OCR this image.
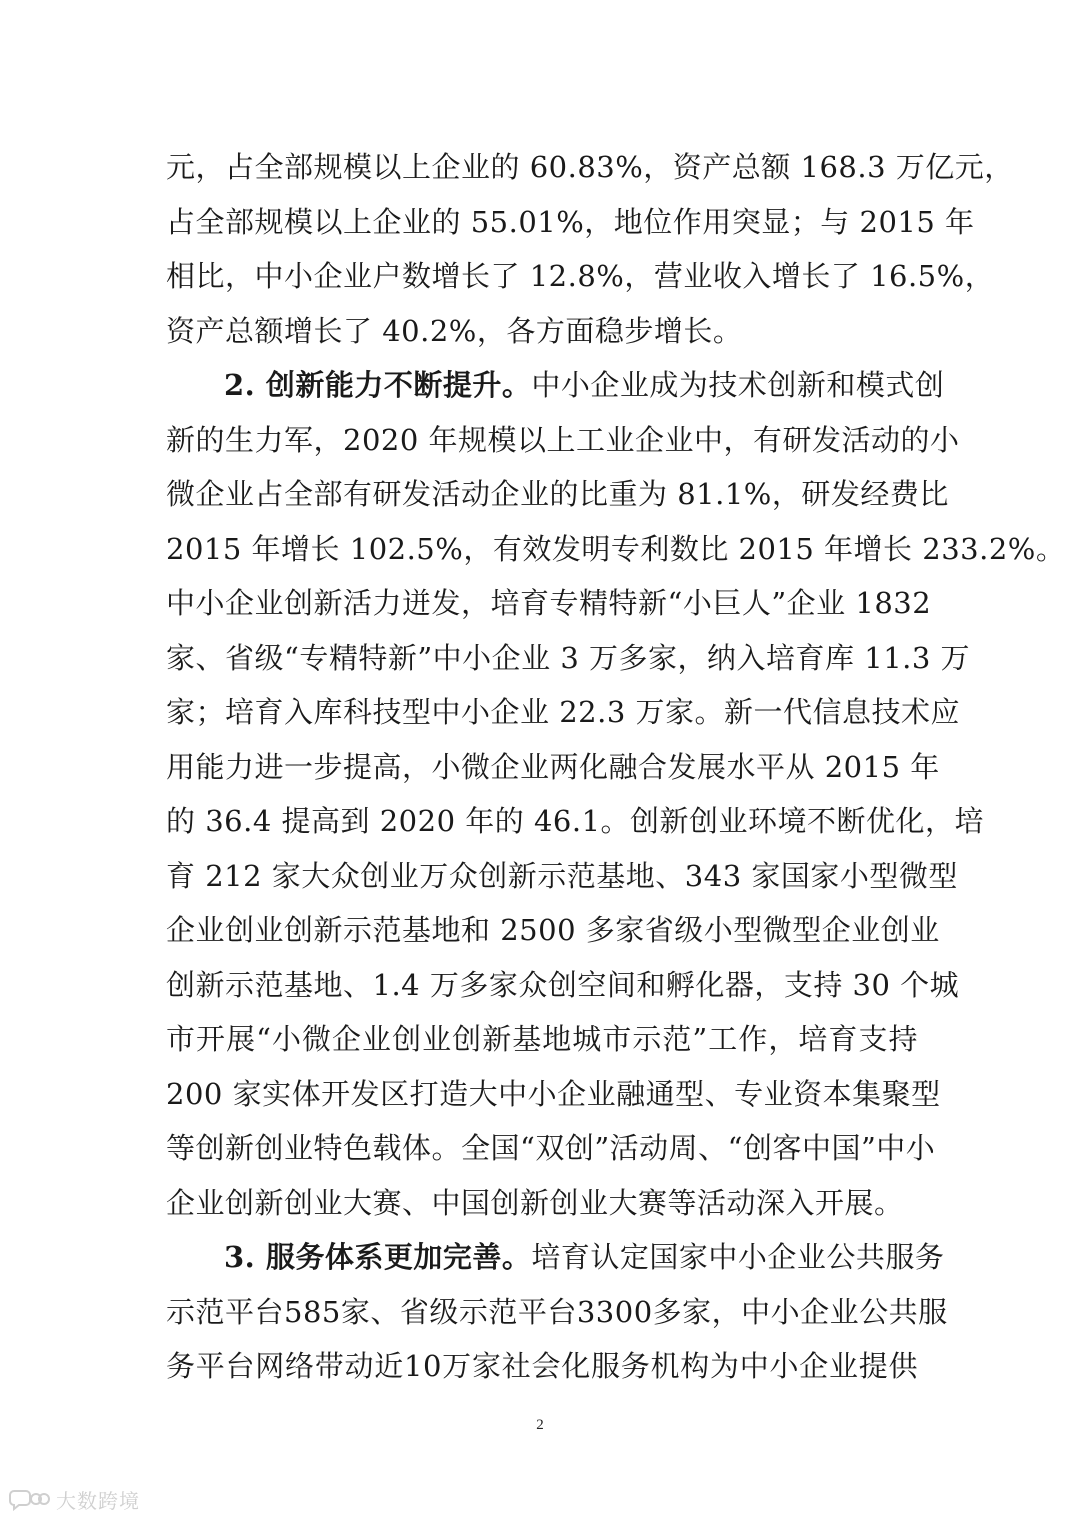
元，占全部规模以上企业的 60.83%，资产总额 168.3 万亿元，
占全部规模以上企业的 55.01%，地位作用突显；与 2015 年
相比，中小企业户数增长了 12.8%，营业收入增长了 16.5%，
资产总额增长了 40.2%，各方面稳步增长。
2. 创新能力不断提升。中小企业成为技术创新和模式创
新的生力军，2020 年规模以上工业企业中，有研发活动的小
微企业占全部有研发活动企业的比重为 81.1%，研发经费比
2015 年增长 102.5%，有效发明专利数比 2015 年增长 233.2%。
中小企业创新活力迸发，培育专精特新“小巨人”企业 1832
家、省级“专精特新”中小企业 3 万多家，纳入培育库 11.3 万
家；培育入库科技型中小企业 22.3 万家。新一代信息技术应
用能力进一步提高，小微企业两化融合发展水平从 2015 年
的 36.4 提高到 2020 年的 46.1。创新创业环境不断优化，培
育 212 家大众创业万众创新示范基地、343 家国家小型微型
企业创业创新示范基地和 2500 多家省级小型微型企业创业
创新示范基地、1.4 万多家众创空间和孵化器，支持 30 个城
市开展“小微企业创业创新基地城市示范”工作，培育支持
200 家实体开发区打造大中小企业融通型、专业资本集聚型
等创新创业特色载体。全国“双创”活动周、“创客中国”中小
企业创新创业大赛、中国创新创业大赛等活动深入开展。
3. 服务体系更加完善。培育认定国家中小企业公共服务
示范平台585家、省级示范平台3300多家，中小企业公共服
务平台网络带动近10万家社会化服务机构为中小企业提供
2
大数跨境
